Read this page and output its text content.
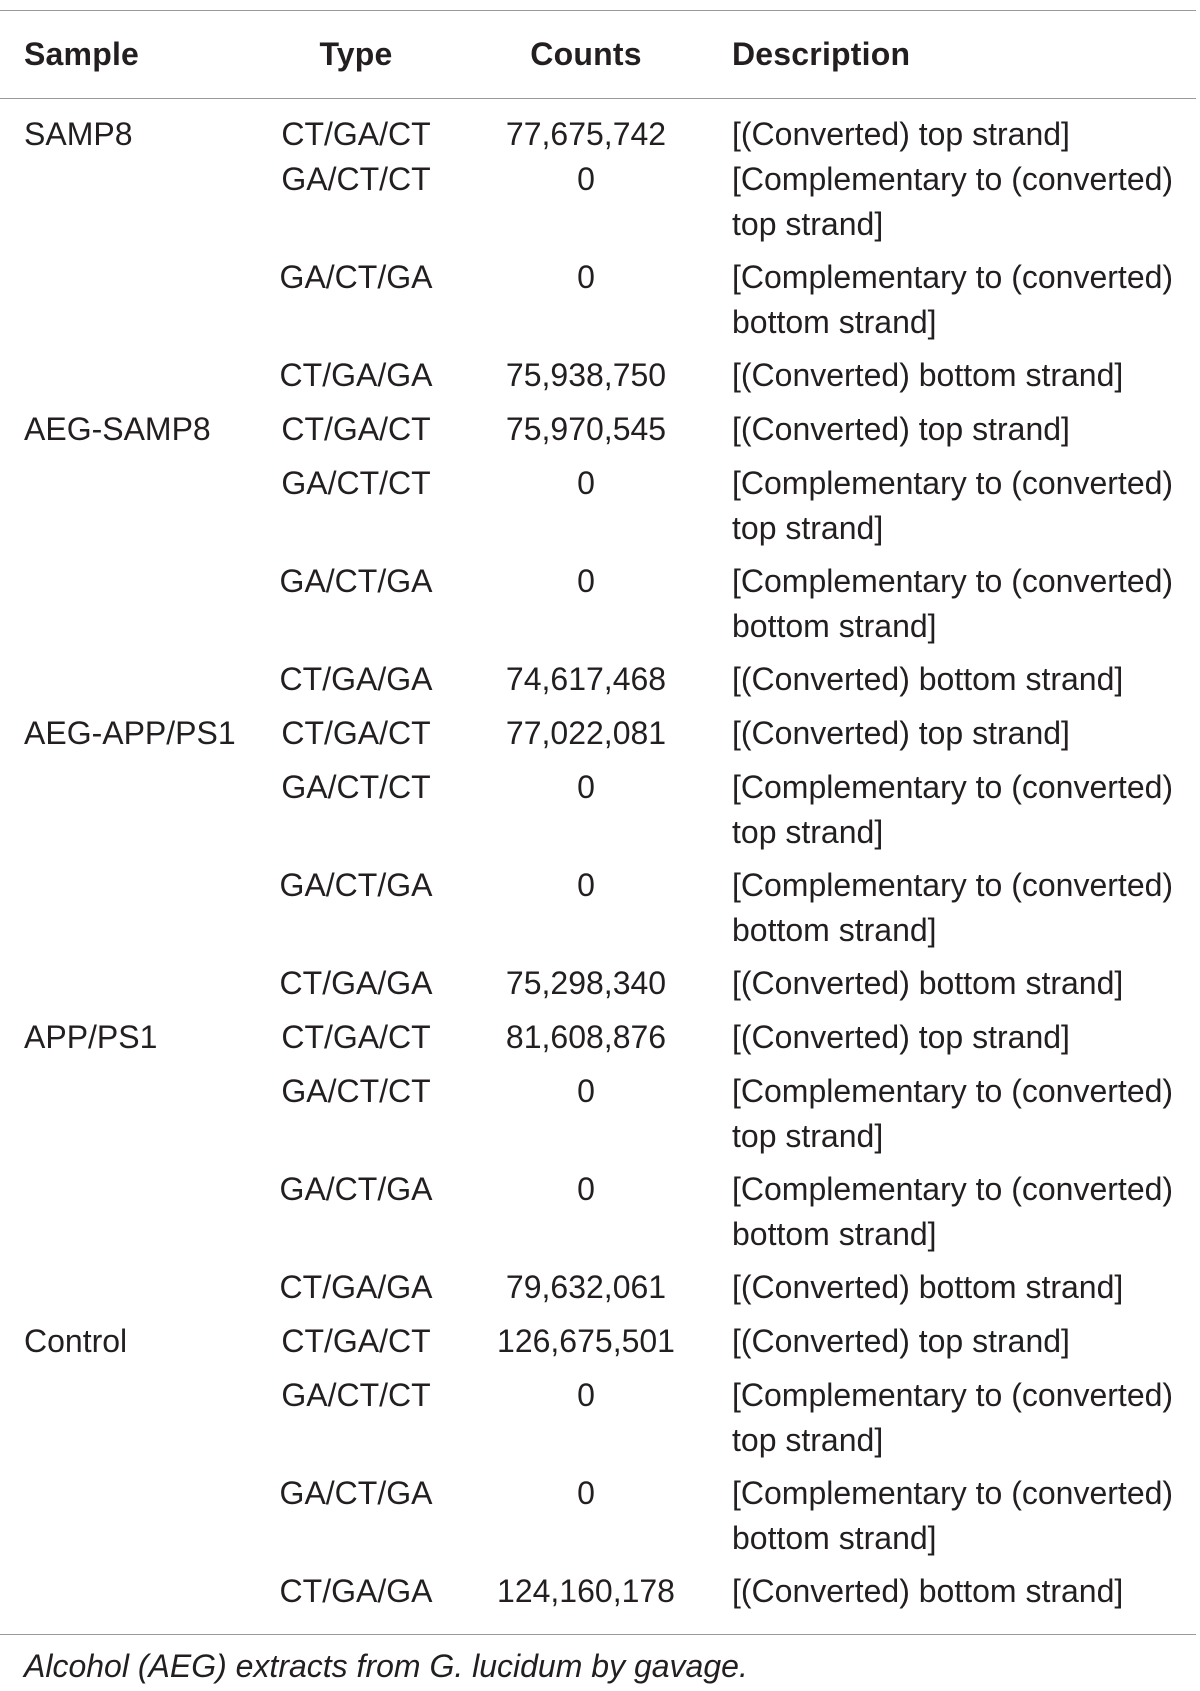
Sample	Type	Counts	Description
SAMP8	CT/GA/CT	77,675,742	[(Converted) top strand]
	GA/CT/CT	0	[Complementary to (converted) top strand]
	GA/CT/GA	0	[Complementary to (converted) bottom strand]
	CT/GA/GA	75,938,750	[(Converted) bottom strand]
AEG-SAMP8	CT/GA/CT	75,970,545	[(Converted) top strand]
	GA/CT/CT	0	[Complementary to (converted) top strand]
	GA/CT/GA	0	[Complementary to (converted) bottom strand]
	CT/GA/GA	74,617,468	[(Converted) bottom strand]
AEG-APP/PS1	CT/GA/CT	77,022,081	[(Converted) top strand]
	GA/CT/CT	0	[Complementary to (converted) top strand]
	GA/CT/GA	0	[Complementary to (converted) bottom strand]
	CT/GA/GA	75,298,340	[(Converted) bottom strand]
APP/PS1	CT/GA/CT	81,608,876	[(Converted) top strand]
	GA/CT/CT	0	[Complementary to (converted) top strand]
	GA/CT/GA	0	[Complementary to (converted) bottom strand]
	CT/GA/GA	79,632,061	[(Converted) bottom strand]
Control	CT/GA/CT	126,675,501	[(Converted) top strand]
	GA/CT/CT	0	[Complementary to (converted) top strand]
	GA/CT/GA	0	[Complementary to (converted) bottom strand]
	CT/GA/GA	124,160,178	[(Converted) bottom strand]
Alcohol (AEG) extracts from G. lucidum by gavage.
